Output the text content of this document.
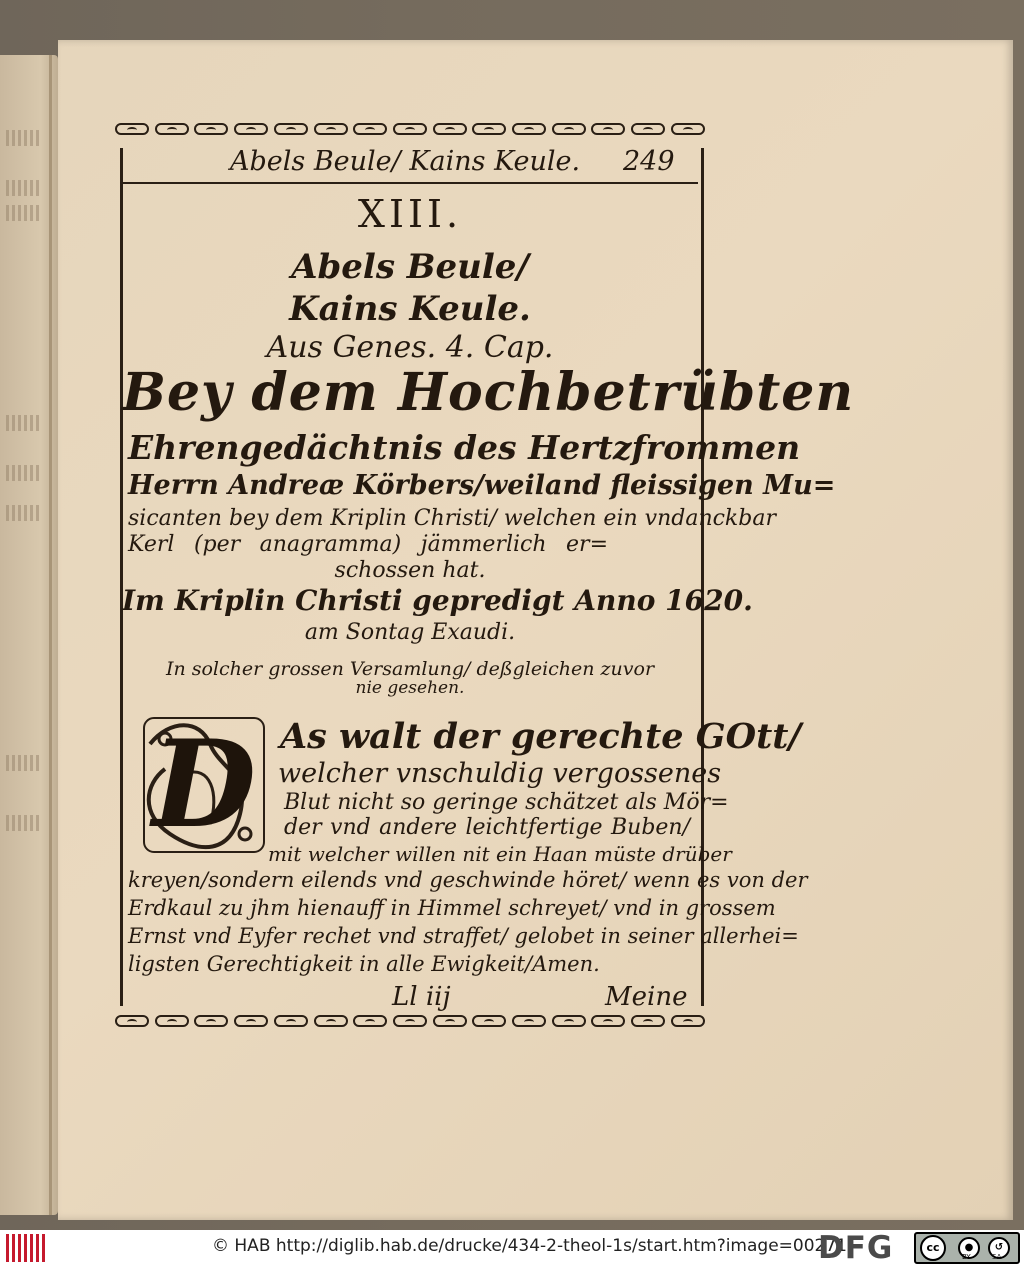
Abels Beule/ Kains Keule. 249
XIII.
Abels Beule/
Kains Keule.
Aus Genes. 4. Cap.
Bey dem Hochbetrübten
Ehrengedächtnis des Hertzfrommen
Herrn Andreæ Körbers/weiland fleissigen Mu=
sicanten bey dem Kriplin Christi/ welchen ein vndanckbar
Kerl (per anagramma) jämmerlich er=
schossen hat.
Im Kriplin Christi gepredigt Anno 1620.
am Sontag Exaudi.
In solcher grossen Versamlung/ deßgleichen zuvor
nie gesehen.
D As walt der gerechte GOtt/
welcher vnschuldig vergossenes
Blut nicht so geringe schätzet als Mör=
der vnd andere leichtfertige Buben/
mit welcher willen nit ein Haan müste drüber
kreyen/sondern eilends vnd geschwinde höret/ wenn es von der
Erdkaul zu jhm hienauff in Himmel schreyet/ vnd in grossem
Ernst vnd Eyfer rechet vnd straffet/ gelobet in seiner allerhei=
ligsten Gerechtigkeit in alle Ewigkeit/Amen.
Ll iij	Meine
© HAB http://diglib.hab.de/drucke/434-2-theol-1s/start.htm?image=00271
DFG	cc	●	↺
BY	SA
